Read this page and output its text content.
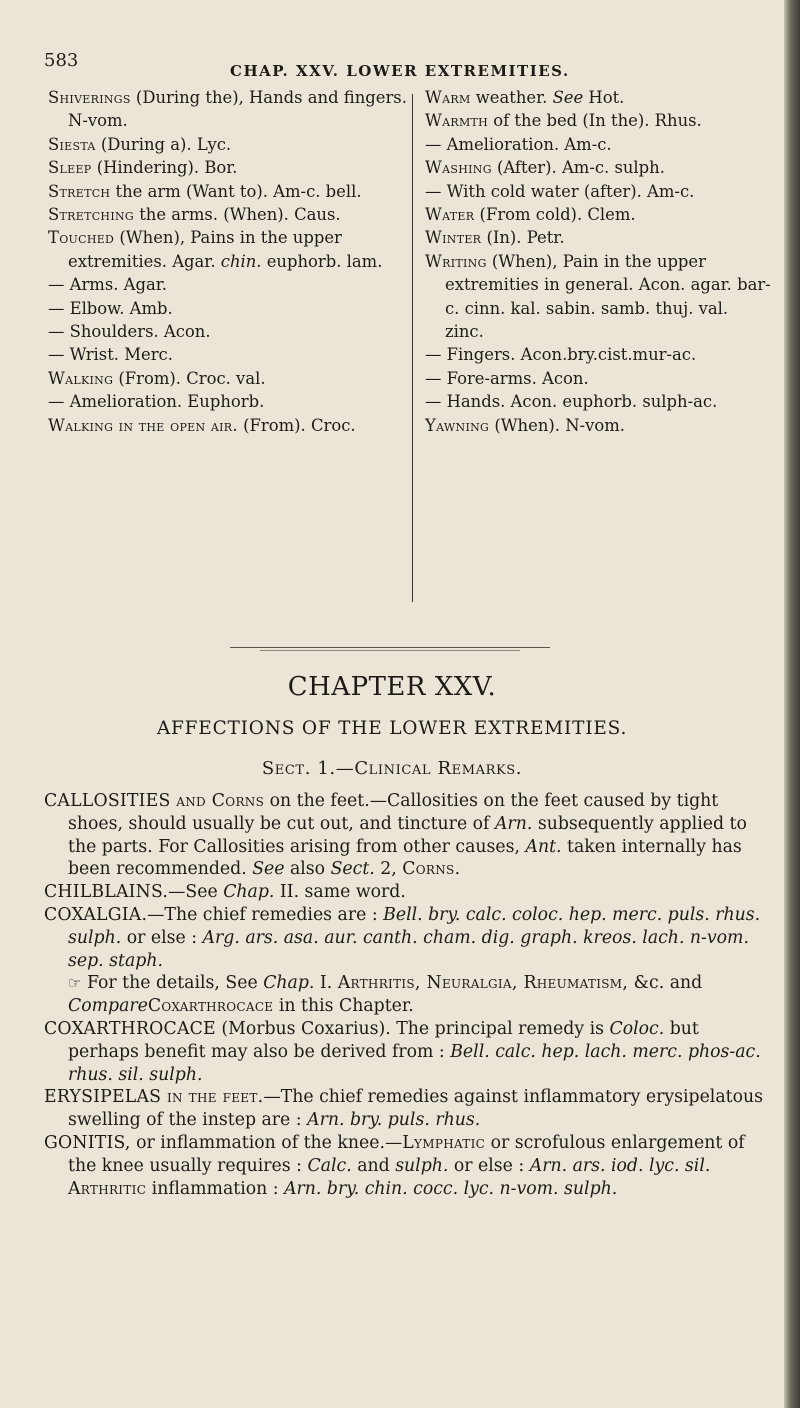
583	CHAP. XXV. LOWER EXTREMITIES.

Shiverings (During the), Hands and fingers. N-vom.

Siesta (During a). Lyc.

Sleep (Hindering). Bor.

Stretch the arm (Want to). Am-c. bell.

Stretching the arms. (When). Caus.

Touched (When), Pains in the upper extremities. Agar. chin. euphorb. lam.

— Arms. Agar.

— Elbow. Amb.

— Shoulders. Acon.

— Wrist. Merc.

Walking (From). Croc. val.

— Amelioration. Euphorb.

Walking in the open air. (From). Croc.

Warm weather. See Hot.

Warmth of the bed (In the). Rhus.

— Amelioration. Am-c.

Washing (After). Am-c. sulph.

— With cold water (after). Am-c.

Water (From cold). Clem.

Winter (In). Petr.

Writing (When), Pain in the upper extremities in general. Acon. agar. bar-c. cinn. kal. sabin. samb. thuj. val. zinc.

— Fingers. Acon.bry.cist.mur-ac.

— Fore-arms. Acon.

— Hands. Acon. euphorb. sulph-ac.

Yawning (When). N-vom.

CHAPTER XXV.
AFFECTIONS OF THE LOWER EXTREMITIES.
Sect. 1.—Clinical Remarks.

CALLOSITIES and Corns on the feet.—Callosities on the feet caused by tight shoes, should usually be cut out, and tincture of Arn. subsequently applied to the parts. For Callosities arising from other causes, Ant. taken internally has been recommended. See also Sect. 2, Corns.

CHILBLAINS.—See Chap. II. same word.

COXALGIA.—The chief remedies are : Bell. bry. calc. coloc. hep. merc. puls. rhus. sulph. or else : Arg. ars. asa. aur. canth. cham. dig. graph. kreos. lach. n-vom. sep. staph.

☞ For the details, See Chap. I. Arthritis, Neuralgia, Rheumatism, &c. and CompareCoxarthrocace in this Chapter.

COXARTHROCACE (Morbus Coxarius). The principal remedy is Coloc. but perhaps benefit may also be derived from : Bell. calc. hep. lach. merc. phos-ac. rhus. sil. sulph.

ERYSIPELAS in the feet.—The chief remedies against inflammatory erysipelatous swelling of the instep are : Arn. bry. puls. rhus.

GONITIS, or inflammation of the knee.—Lymphatic or scrofulous enlargement of the knee usually requires : Calc. and sulph. or else : Arn. ars. iod. lyc. sil.

Arthritic inflammation : Arn. bry. chin. cocc. lyc. n-vom. sulph.
